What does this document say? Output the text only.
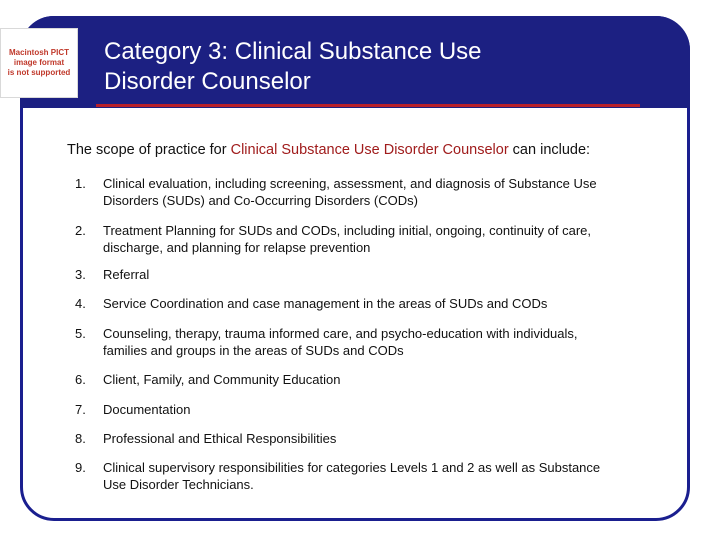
Macintosh PICT
image format
is not supported
Category 3: Clinical Substance Use
Disorder Counselor
The scope of practice for Clinical Substance Use Disorder Counselor can include:
1.	Clinical evaluation, including screening, assessment, and diagnosis of Substance Use
Disorders (SUDs) and Co-Occurring Disorders (CODs)
2.	Treatment Planning for SUDs and CODs, including initial, ongoing, continuity of care,
discharge, and planning for relapse prevention
3.	Referral
4.	Service Coordination and case management in the areas of SUDs and CODs
5.	Counseling, therapy, trauma informed care, and psycho-education with individuals,
families and groups in the areas of SUDs and CODs
6.	Client, Family, and Community Education
7.	Documentation
8.	Professional and Ethical Responsibilities
9.	Clinical supervisory responsibilities for categories Levels 1 and 2 as well as Substance
Use Disorder Technicians.
